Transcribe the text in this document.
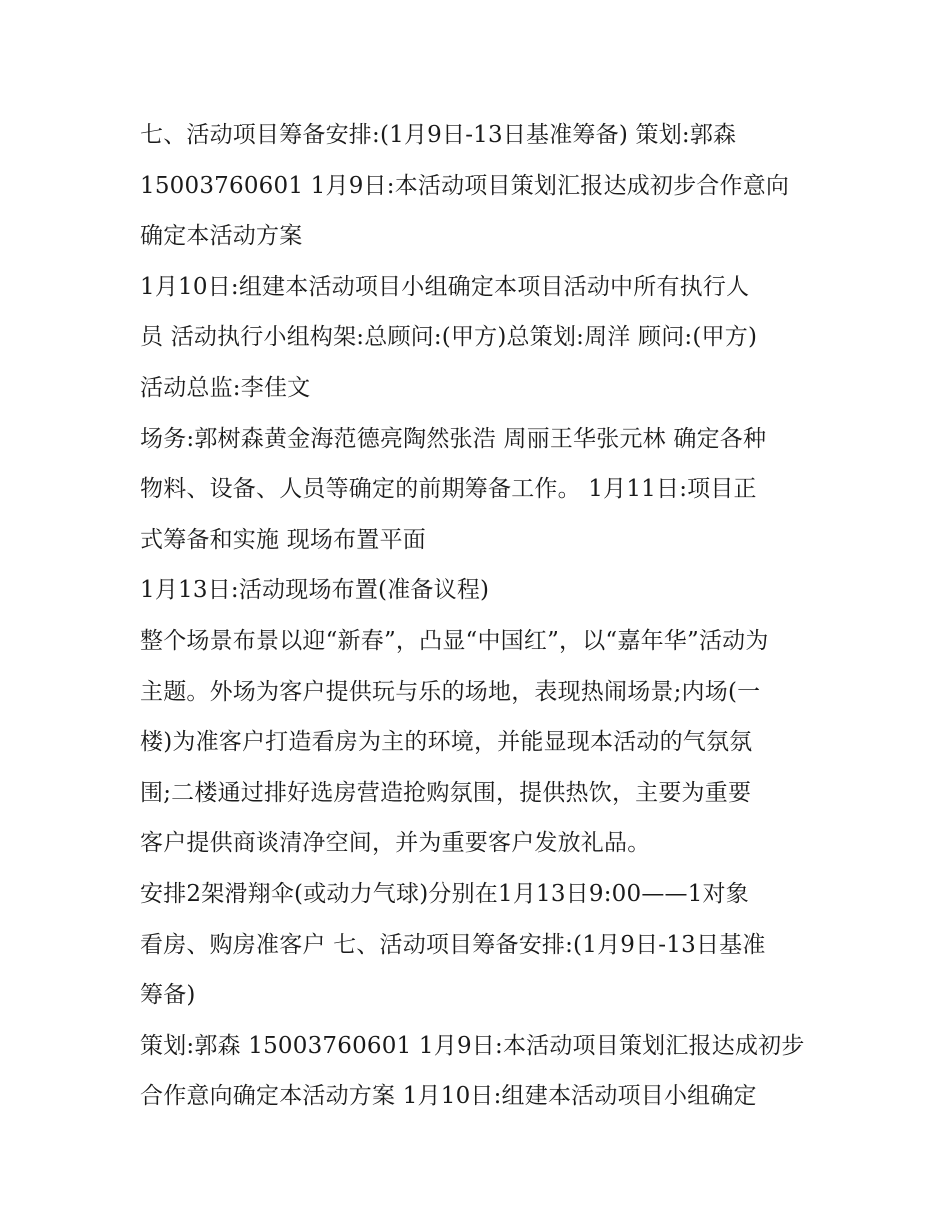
七、活动项目筹备安排:(1月9日-13日基准筹备) 策划:郭森
15003760601 1月9日:本活动项目策划汇报达成初步合作意向
确定本活动方案
1月10日:组建本活动项目小组确定本项目活动中所有执行人
员 活动执行小组构架:总顾问:(甲方)总策划:周洋 顾问:(甲方)
活动总监:李佳文
场务:郭树森黄金海范德亮陶然张浩 周丽王华张元林 确定各种
物料、设备、人员等确定的前期筹备工作。 1月11日:项目正
式筹备和实施 现场布置平面
1月13日:活动现场布置(准备议程)
整个场景布景以迎“新春”，凸显“中国红”，以“嘉年华”活动为
主题。外场为客户提供玩与乐的场地，表现热闹场景;内场(一
楼)为准客户打造看房为主的环境，并能显现本活动的气氛氛
围;二楼通过排好选房营造抢购氛围，提供热饮，主要为重要
客户提供商谈清净空间，并为重要客户发放礼品。
安排2架滑翔伞(或动力气球)分别在1月13日9:00——1对象
看房、购房准客户 七、活动项目筹备安排:(1月9日-13日基准
筹备)
策划:郭森 15003760601 1月9日:本活动项目策划汇报达成初步
合作意向确定本活动方案 1月10日:组建本活动项目小组确定
